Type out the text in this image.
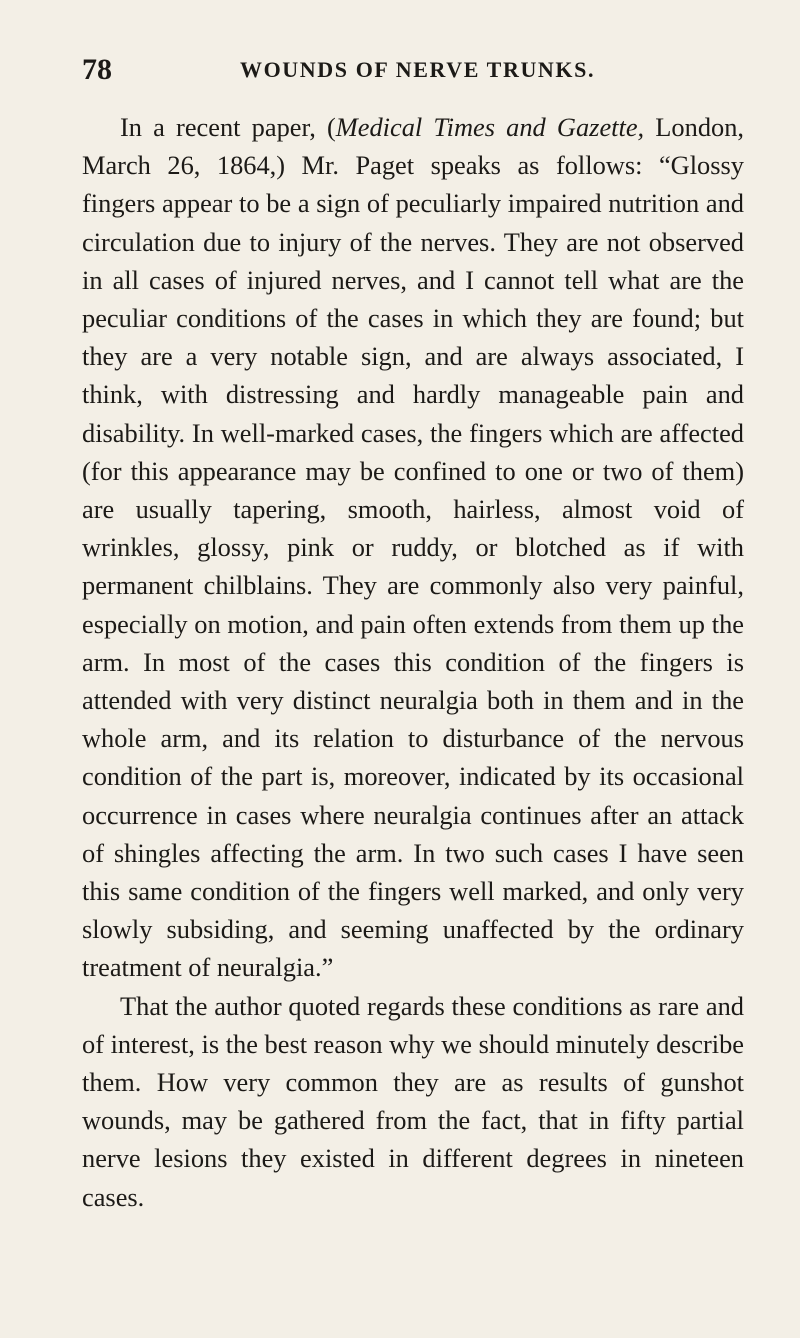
78	WOUNDS OF NERVE TRUNKS.

In a recent paper, (Medical Times and Gazette, London, March 26, 1864,) Mr. Paget speaks as follows: “Glossy fingers appear to be a sign of peculiarly impaired nutrition and circulation due to injury of the nerves. They are not observed in all cases of injured nerves, and I cannot tell what are the peculiar conditions of the cases in which they are found; but they are a very notable sign, and are always associated, I think, with distressing and hardly manageable pain and disability. In well-marked cases, the fingers which are affected (for this appearance may be confined to one or two of them) are usually tapering, smooth, hairless, almost void of wrinkles, glossy, pink or ruddy, or blotched as if with permanent chilblains. They are commonly also very painful, especially on motion, and pain often extends from them up the arm. In most of the cases this condition of the fingers is attended with very distinct neuralgia both in them and in the whole arm, and its relation to disturbance of the nervous condition of the part is, moreover, indicated by its occasional occurrence in cases where neuralgia continues after an attack of shingles affecting the arm. In two such cases I have seen this same condition of the fingers well marked, and only very slowly subsiding, and seeming unaffected by the ordinary treatment of neuralgia.”

That the author quoted regards these conditions as rare and of interest, is the best reason why we should minutely describe them. How very common they are as results of gunshot wounds, may be gathered from the fact, that in fifty partial nerve lesions they existed in different degrees in nineteen cases.
